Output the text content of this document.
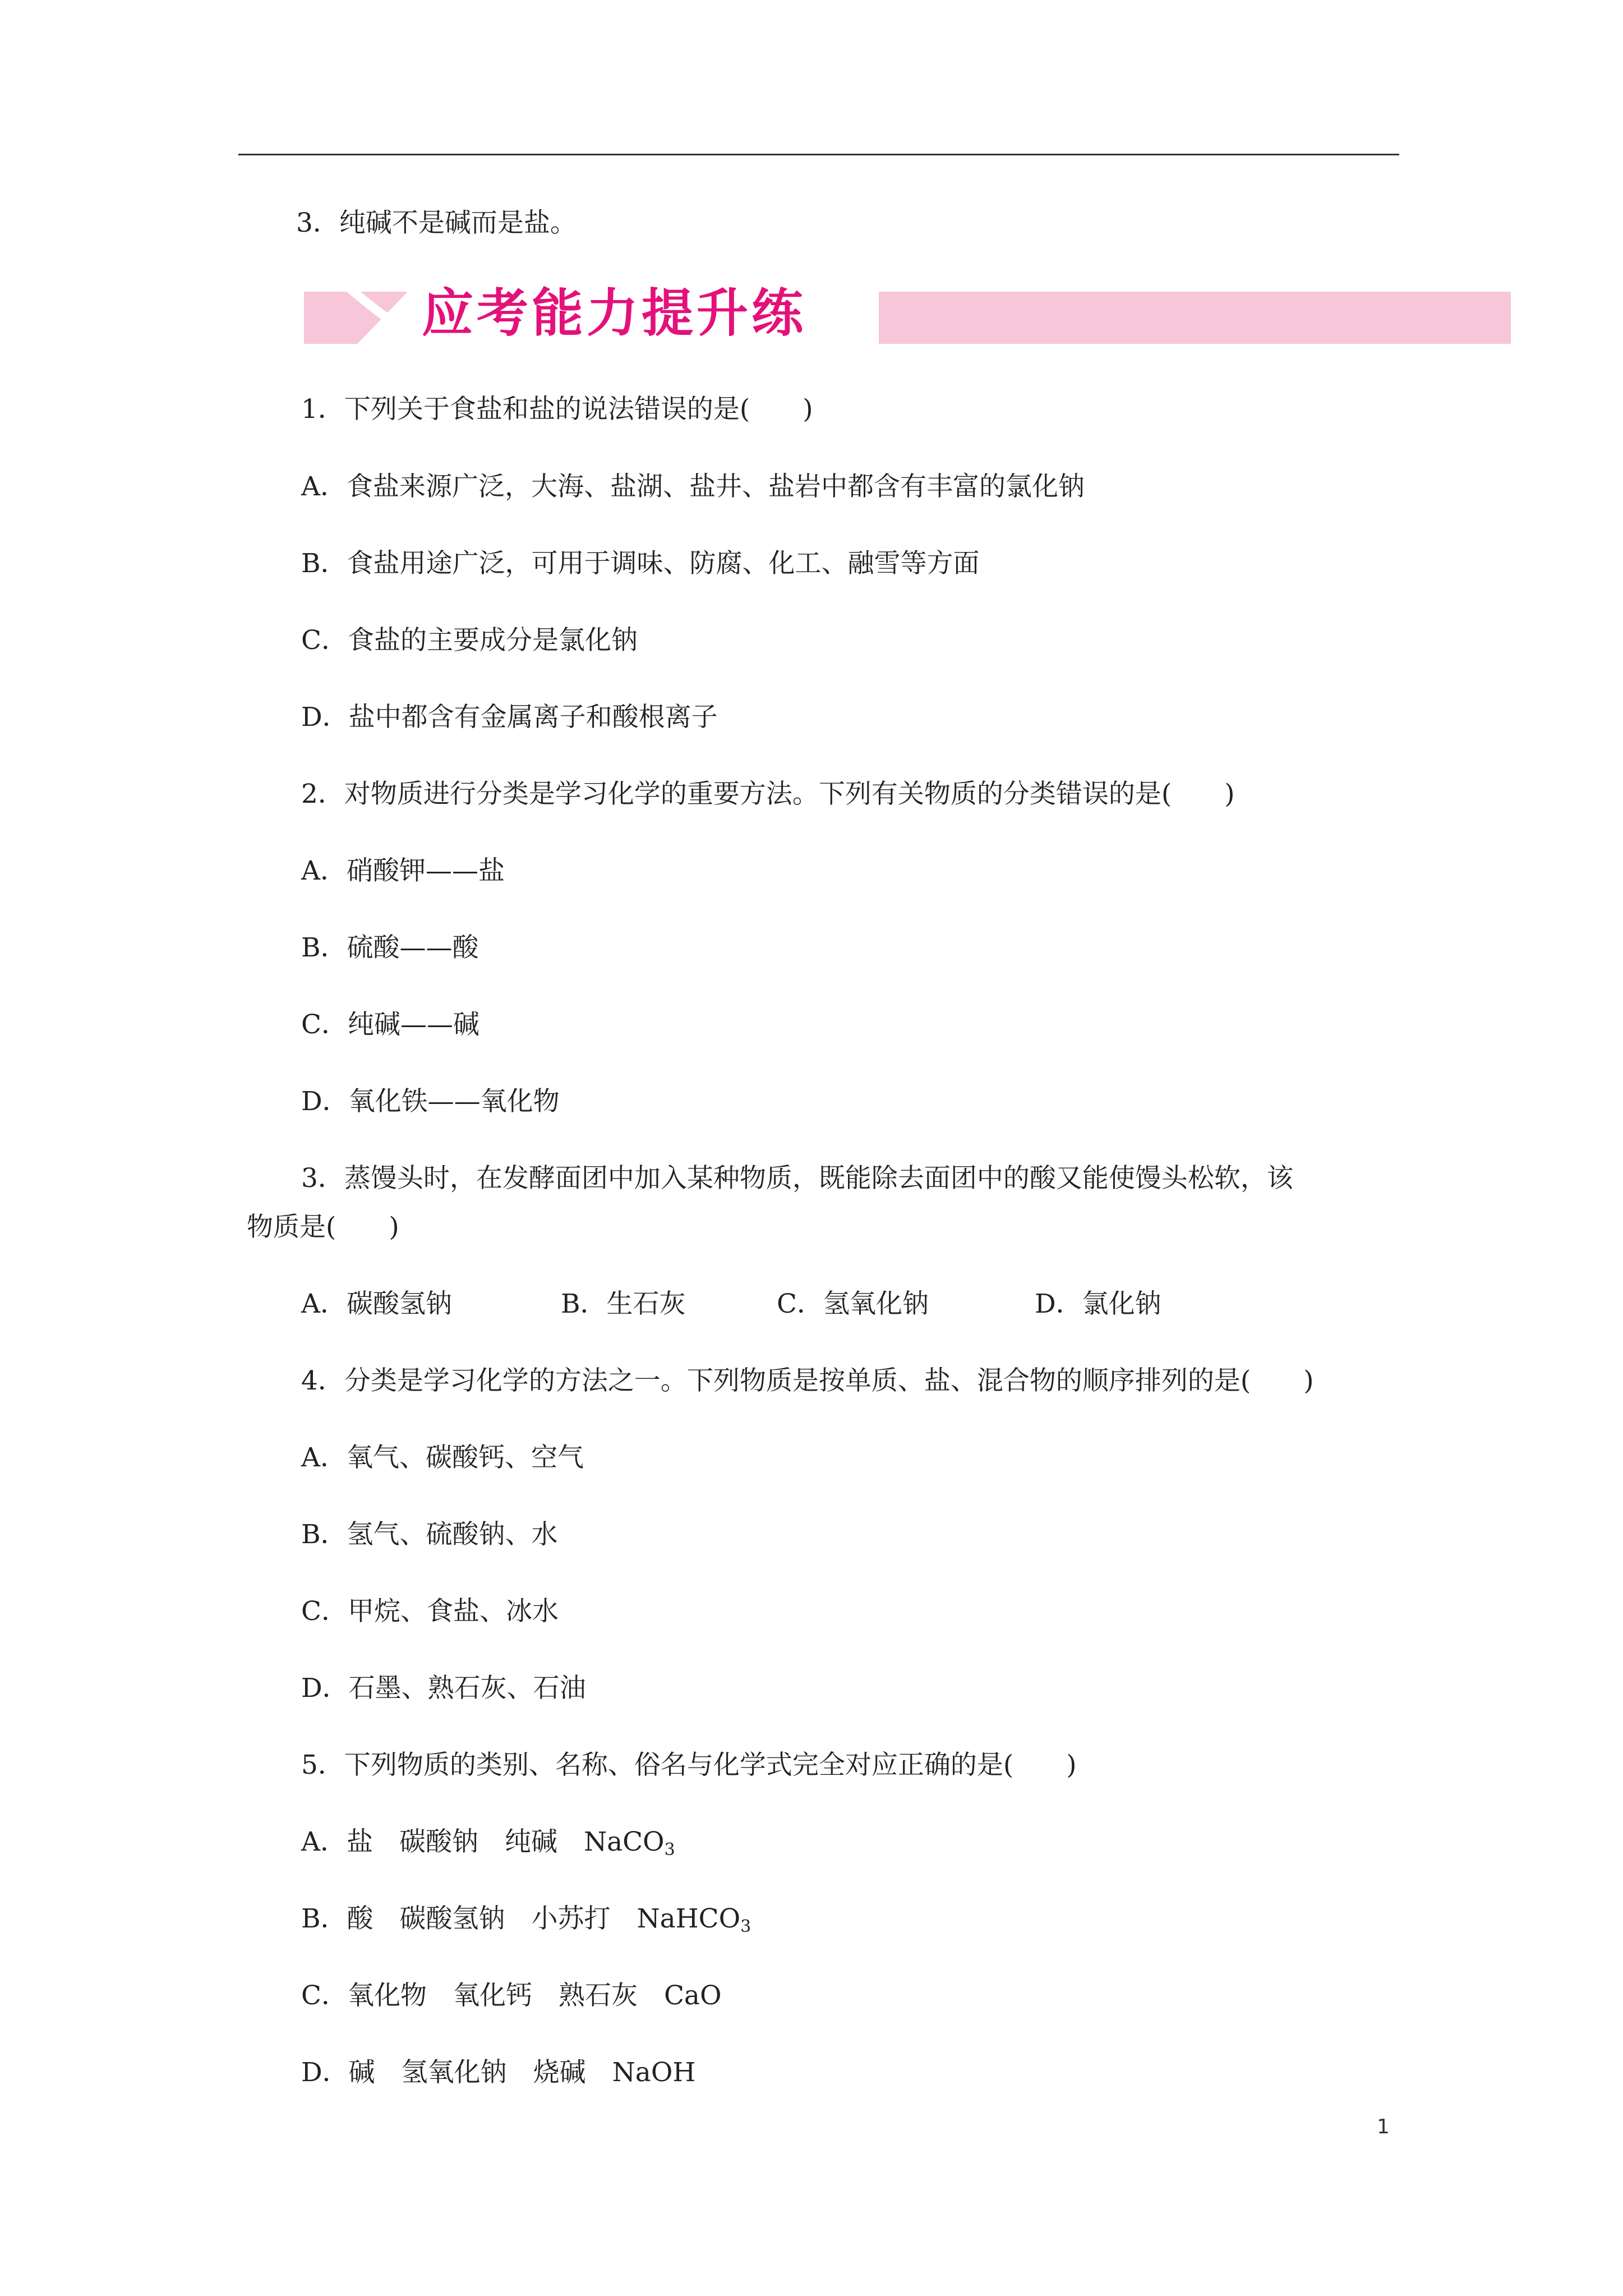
3．纯碱不是碱而是盐。
应考能力提升练
1．下列关于食盐和盐的说法错误的是(　　)
A．食盐来源广泛，大海、盐湖、盐井、盐岩中都含有丰富的氯化钠
B．食盐用途广泛，可用于调味、防腐、化工、融雪等方面
C．食盐的主要成分是氯化钠
D．盐中都含有金属离子和酸根离子
2．对物质进行分类是学习化学的重要方法。下列有关物质的分类错误的是(　　)
A．硝酸钾——盐
B．硫酸——酸
C．纯碱——碱
D．氧化铁——氧化物
3．蒸馒头时，在发酵面团中加入某种物质，既能除去面团中的酸又能使馒头松软，该
物质是(　　)
A．碳酸氢钠	B．生石灰	C．氢氧化钠	D．氯化钠
4．分类是学习化学的方法之一。下列物质是按单质、盐、混合物的顺序排列的是(　　)
A．氧气、碳酸钙、空气
B．氢气、硫酸钠、水
C．甲烷、食盐、冰水
D．石墨、熟石灰、石油
5．下列物质的类别、名称、俗名与化学式完全对应正确的是(　　)
A．盐　碳酸钠　纯碱　NaCO$_3$
B．酸　碳酸氢钠　小苏打　NaHCO$_3$
C．氧化物　氧化钙　熟石灰　CaO
D．碱　氢氧化钠　烧碱　NaOH
1
